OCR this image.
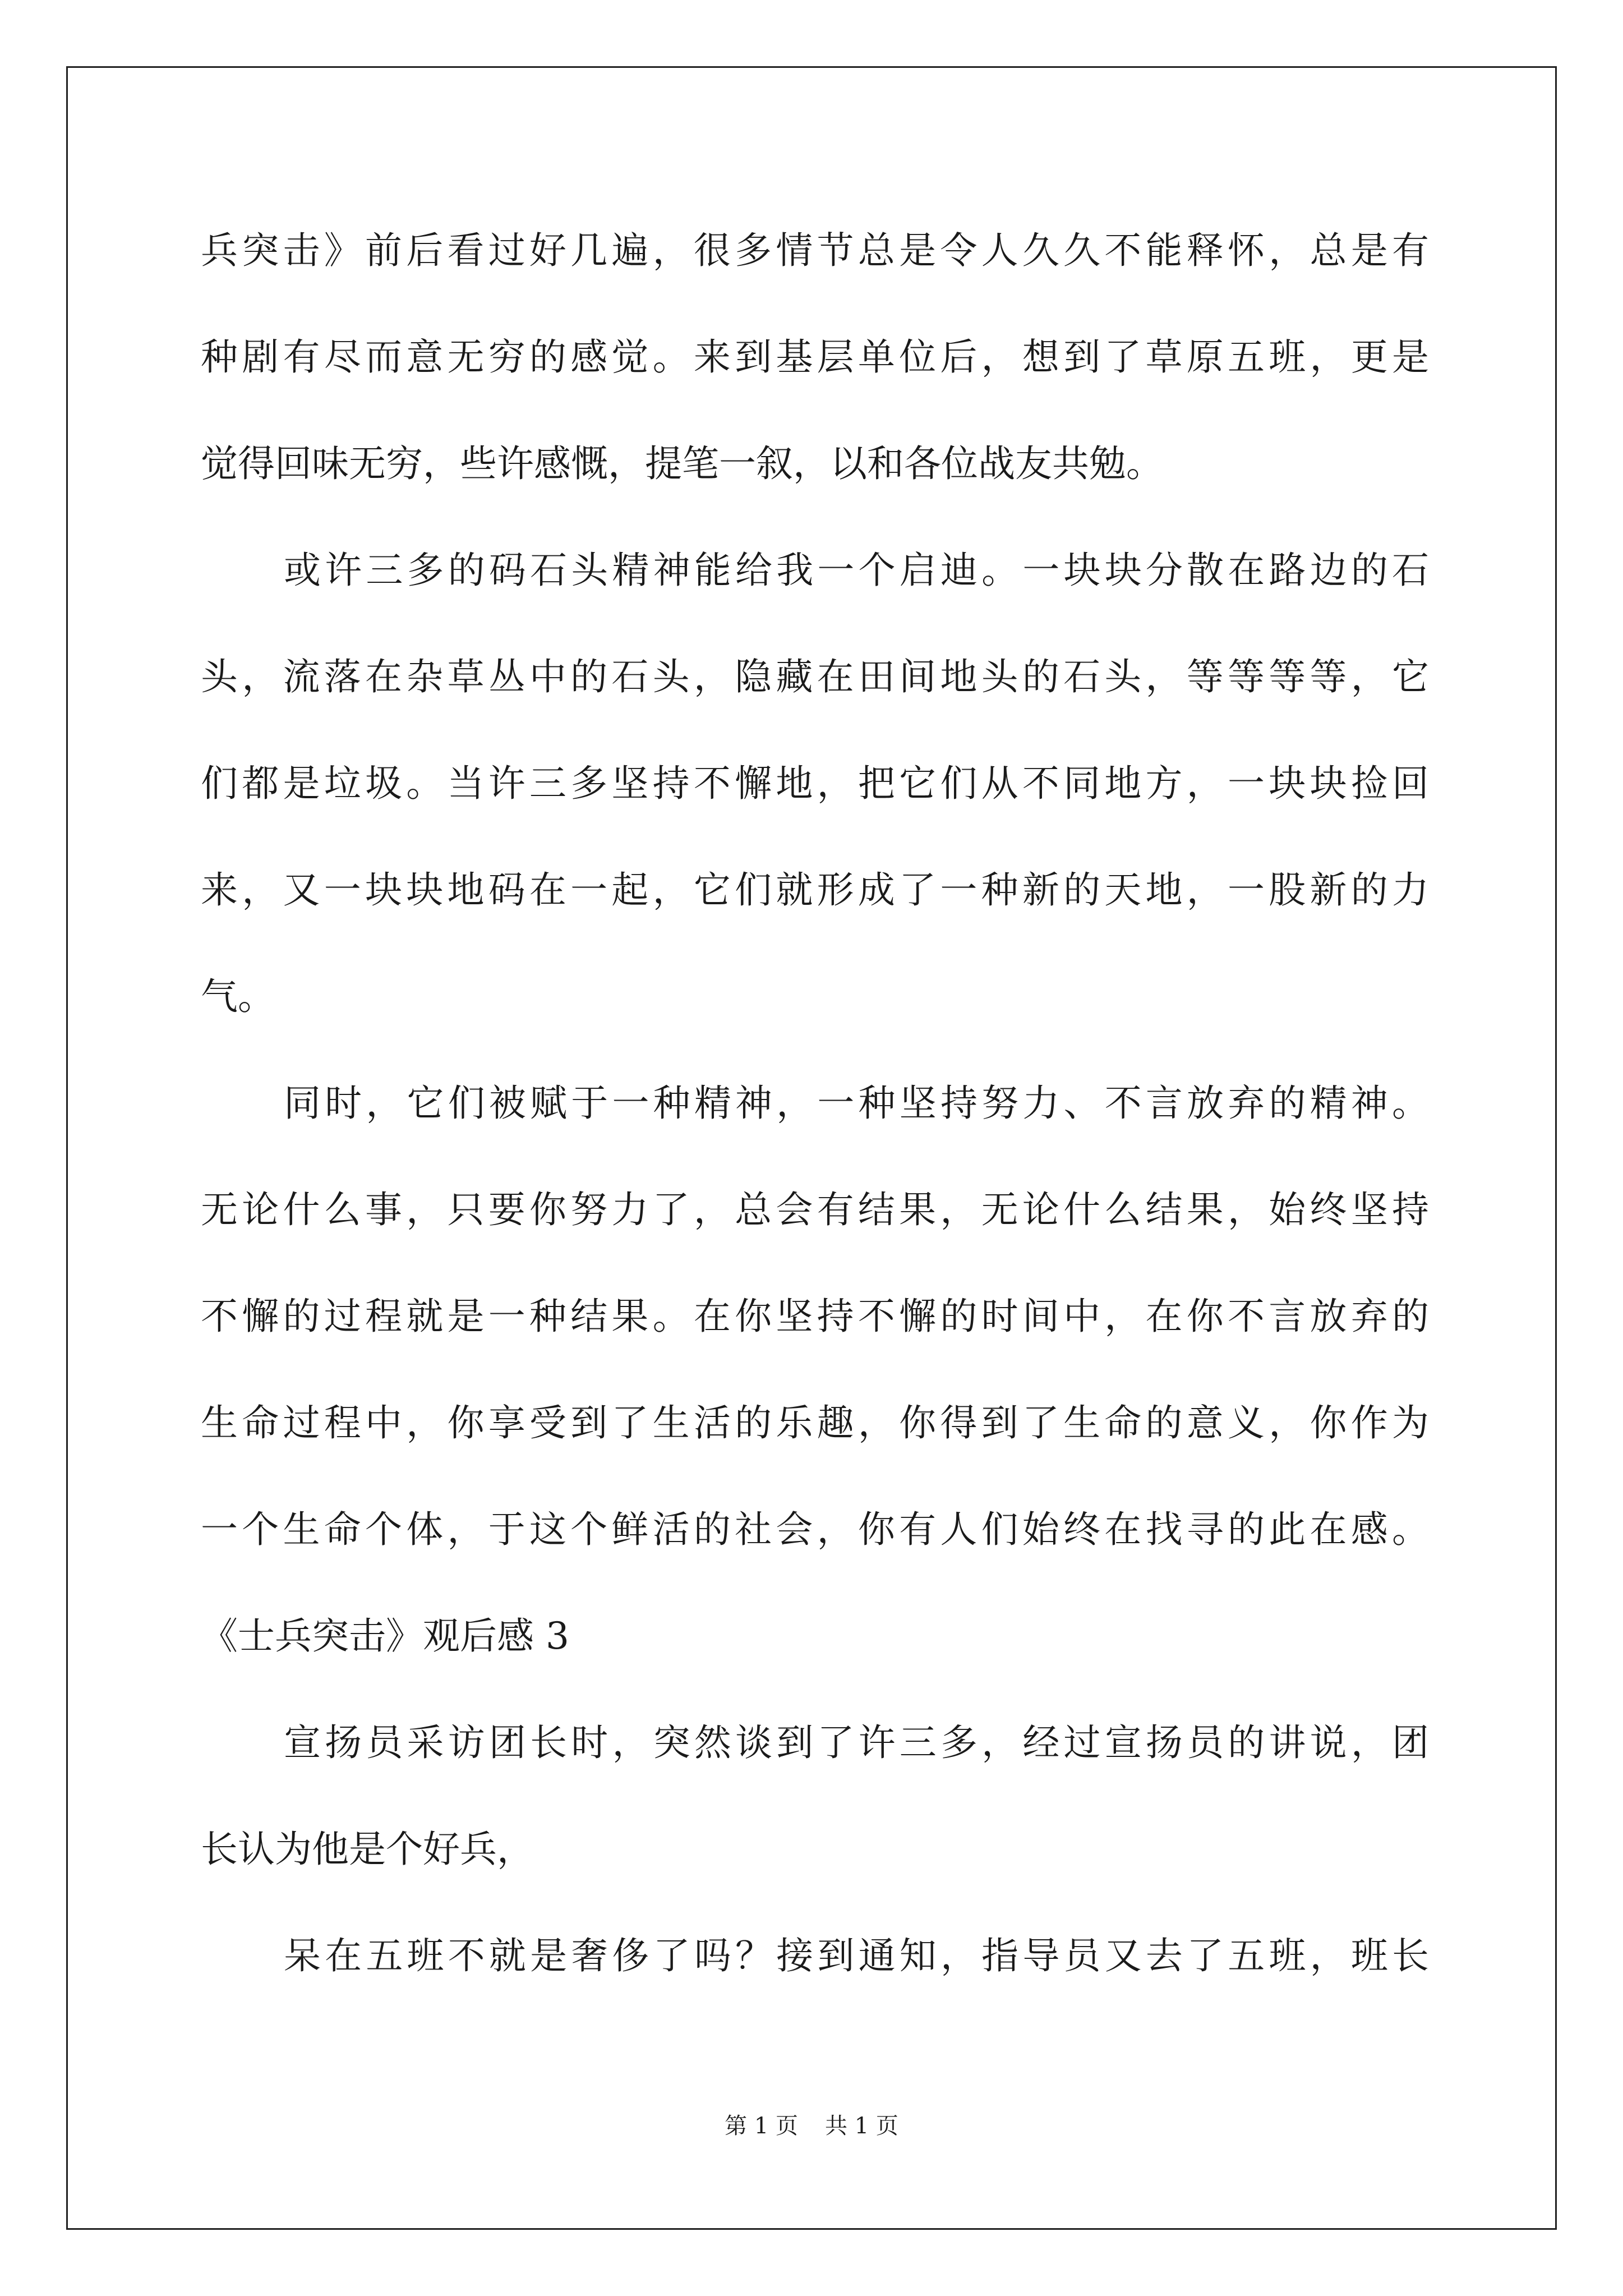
兵突击》前后看过好几遍，很多情节总是令人久久不能释怀，总是有
种剧有尽而意无穷的感觉。来到基层单位后，想到了草原五班，更是
觉得回味无穷，些许感慨，提笔一叙，以和各位战友共勉。
或许三多的码石头精神能给我一个启迪。一块块分散在路边的石
头，流落在杂草丛中的石头，隐藏在田间地头的石头，等等等等，它
们都是垃圾。当许三多坚持不懈地，把它们从不同地方，一块块捡回
来，又一块块地码在一起，它们就形成了一种新的天地，一股新的力
气。
同时，它们被赋于一种精神，一种坚持努力、不言放弃的精神。
无论什么事，只要你努力了，总会有结果，无论什么结果，始终坚持
不懈的过程就是一种结果。在你坚持不懈的时间中，在你不言放弃的
生命过程中，你享受到了生活的乐趣，你得到了生命的意义，你作为
一个生命个体，于这个鲜活的社会，你有人们始终在找寻的此在感。
《士兵突击》观后感 3
宣扬员采访团长时，突然谈到了许三多，经过宣扬员的讲说，团
长认为他是个好兵，
呆在五班不就是奢侈了吗？接到通知，指导员又去了五班，班长
第 1 页 共 1 页
